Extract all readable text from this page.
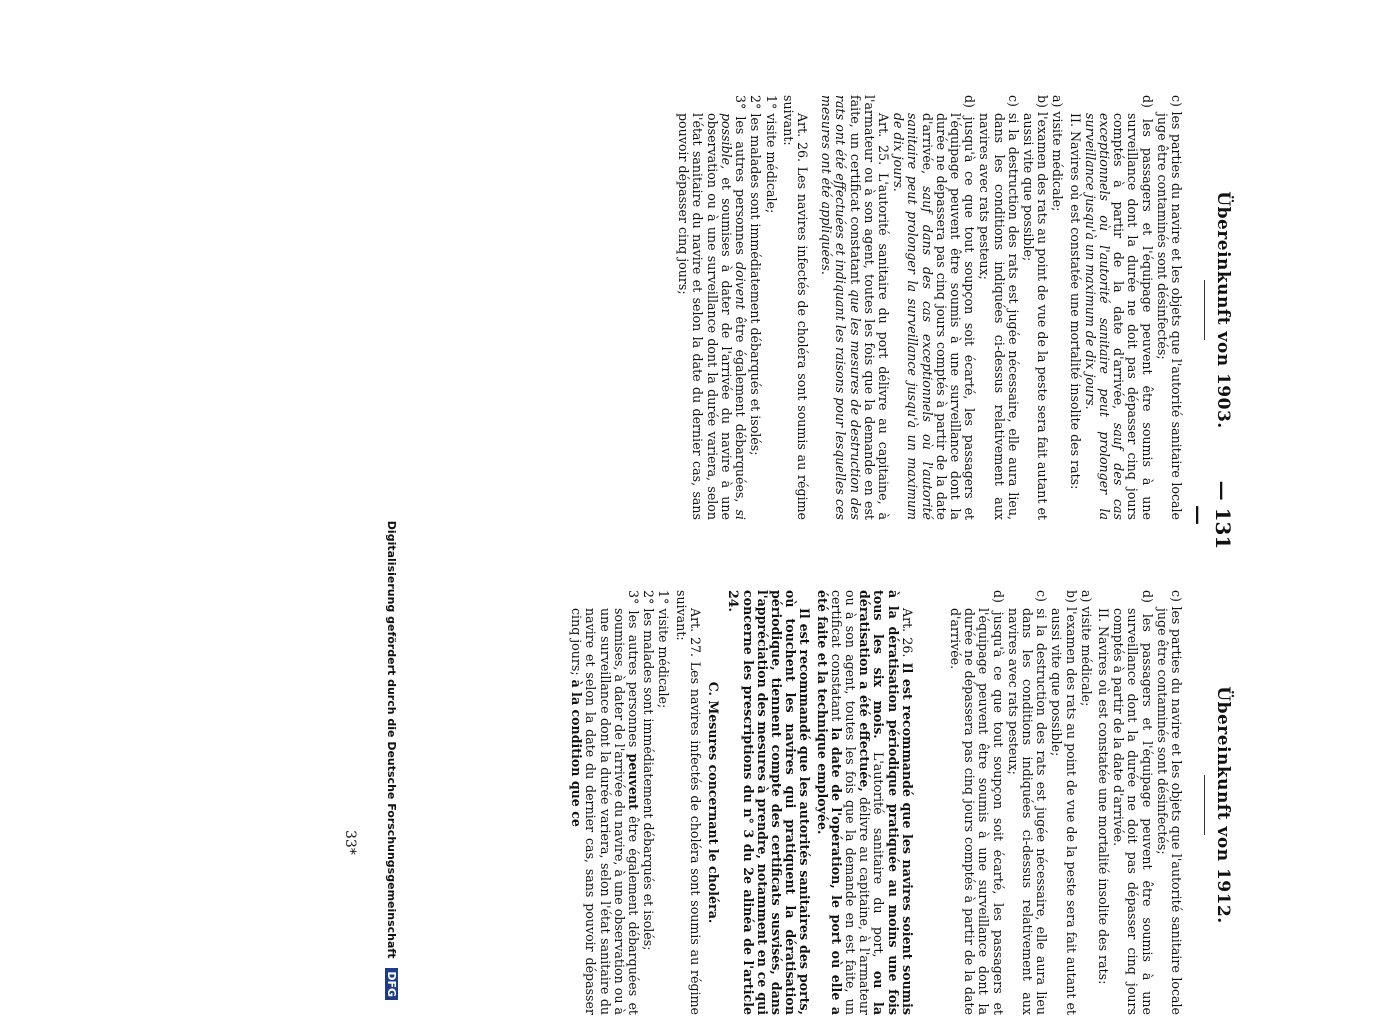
— 131 —
Übereinkunft von 1903.
Übereinkunft von 1912.
c) les parties du navire et les objets que l'autorité sanitaire locale juge être contaminés sont désinfectés;
d) les passagers et l'équipage peuvent être soumis à une surveillance dont la durée ne doit pas dépasser cinq jours comptés à partir de la date d'arrivée, sauf des cas exceptionnels où l'autorité sanitaire peut prolonger la surveillance jusqu'à un maximum de dix jours.
II. Navires où est constatée une mortalité insolite des rats:
a) visite médicale;
b) l'examen des rats au point de vue de la peste sera fait autant et aussi vite que possible;
c) si la destruction des rats est jugée nécessaire, elle aura lieu, dans les conditions indiquées ci-dessus relativement aux navires avec rats pesteux;
d) jusqu'à ce que tout soupçon soit écarté, les passagers et l'équipage peuvent être soumis à une surveillance dont la durée ne dépassera pas cinq jours comptés à partir de la date d'arrivée, sauf dans des cas exceptionnels où l'autorité sanitaire peut prolonger la surveillance jusqu'à un maximum de dix jours.
Art. 25. L'autorité sanitaire du port délivre au capitaine, à l'armateur ou à son agent, toutes les fois que la demande en est faite, un certificat constatant que les mesures de destruction des rats ont été effectuées et indiquant les raisons pour lesquelles ces mesures ont été appliquées.
Art. 26. Les navires infectés de choléra sont soumis au régime suivant:
1° visite médicale;
2° les malades sont immédiatement débarqués et isolés;
3° les autres personnes doivent être également débarquées, si possible, et soumises à dater de l'arrivée du navire à une observation ou à une surveillance dont la durée variera, selon l'état sanitaire du navire et selon la date du dernier cas, sans pouvoir dépasser cinq jours;
c) les parties du navire et les objets que l'autorité sanitaire locale juge être contaminés sont désinfectés;
d) les passagers et l'équipage peuvent être soumis à une surveillance dont la durée ne doit pas dépasser cinq jours comptés à partir de la date d'arrivée.
II. Navires où est constatée une mortalité insolite des rats:
a) visite médicale;
b) l'examen des rats au point de vue de la peste sera fait autant et aussi vite que possible;
c) si la destruction des rats est jugée nécessaire, elle aura lieu dans les conditions indiquées ci-dessus relativement aux navires avec rats pesteux;
d) jusqu'à ce que tout soupçon soit écarté, les passagers et l'équipage peuvent être soumis à une surveillance dont la durée ne dépassera pas cinq jours comptés à partir de la date d'arrivée.
Art. 26. Il est recommandé que les navires soient soumis à la dératisation périodique pratiquée au moins une fois tous les six mois. L'autorité sanitaire du port, ou la dératisation a été effectuée, délivre au capitaine, à l'armateur ou à son agent, toutes les fois que la demande en est faite, un certificat constatant la date de l'opération, le port où elle a été faite et la technique employée.
Il est recommandé que les autorités sanitaires des ports, où touchent les navires qui pratiquent la dératisation périodique, tiennent compte des certificats susvisés, dans l'appréciation des mesures à prendre, notamment en ce qui concerne les prescriptions du n° 3 du 2e alinéa de l'article 24.
C. Mesures concernant le choléra.
Art. 27. Les navires infectés de choléra sont soumis au régime suivant:
1° visite médicale;
2° les malades sont immédiatement débarqués et isolés;
3° les autres personnes peuvent être également débarquées et soumises, à dater de l'arrivée du navire, à une observation ou à une surveillance dont la durée variera, selon l'état sanitaire du navire et selon la date du dernier cas, sans pouvoir dépasser cinq jours; à la condition que ce
33* Digitalisierung gefördert durch die Deutsche Forschungsgemeinschaft DFG
